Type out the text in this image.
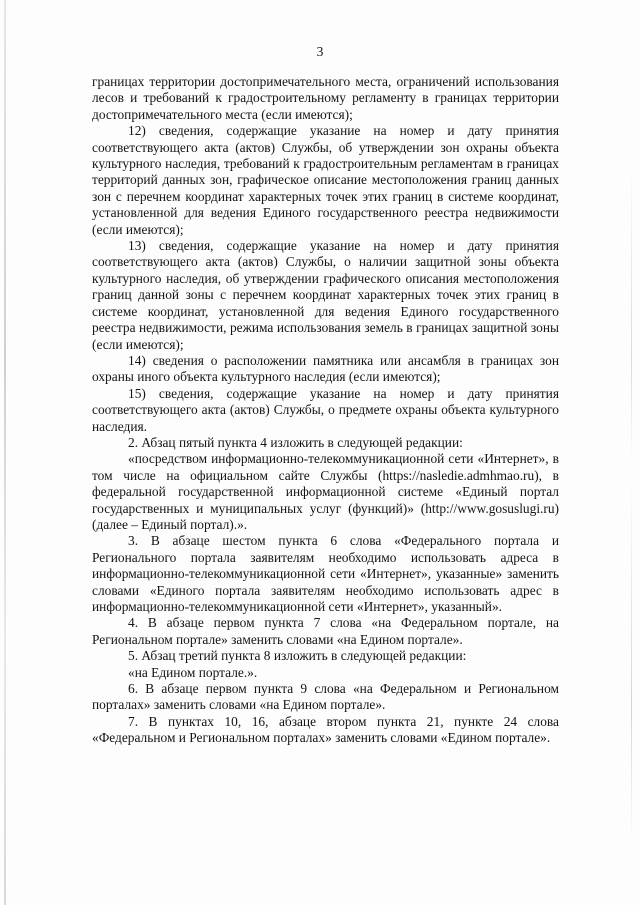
3

границах территории достопримечательного места, ограничений использования лесов и требований к градостроительному регламенту в границах территории достопримечательного места (если имеются);

12) сведения, содержащие указание на номер и дату принятия соответствующего акта (актов) Службы, об утверждении зон охраны объекта культурного наследия, требований к градостроительным регламентам в границах территорий данных зон, графическое описание местоположения границ данных зон с перечнем координат характерных точек этих границ в системе координат, установленной для ведения Единого государственного реестра недвижимости (если имеются);

13) сведения, содержащие указание на номер и дату принятия соответствующего акта (актов) Службы, о наличии защитной зоны объекта культурного наследия, об утверждении графического описания местоположения границ данной зоны с перечнем координат характерных точек этих границ в системе координат, установленной для ведения Единого государственного реестра недвижимости, режима использования земель в границах защитной зоны (если имеются);

14) сведения о расположении памятника или ансамбля в границах зон охраны иного объекта культурного наследия (если имеются);

15) сведения, содержащие указание на номер и дату принятия соответствующего акта (актов) Службы, о предмете охраны объекта культурного наследия.

2. Абзац пятый пункта 4 изложить в следующей редакции:

«посредством информационно-телекоммуникационной сети «Интернет», в том числе на официальном сайте Службы (https://nasledie.admhmao.ru), в федеральной государственной информационной системе «Единый портал государственных и муниципальных услуг (функций)» (http://www.gosuslugi.ru) (далее – Единый портал).».

3. В абзаце шестом пункта 6 слова «Федерального портала и Регионального портала заявителям необходимо использовать адреса в информационно-телекоммуникационной сети «Интернет», указанные» заменить словами «Единого портала заявителям необходимо использовать адрес в информационно-телекоммуникационной сети «Интернет», указанный».

4. В абзаце первом пункта 7 слова «на Федеральном портале, на Региональном портале» заменить словами «на Едином портале».

5. Абзац третий пункта 8 изложить в следующей редакции:

«на Едином портале.».

6. В абзаце первом пункта 9 слова «на Федеральном и Региональном порталах» заменить словами «на Едином портале».

7. В пунктах 10, 16, абзаце втором пункта 21, пункте 24 слова «Федеральном и Региональном порталах» заменить словами «Едином портале».
